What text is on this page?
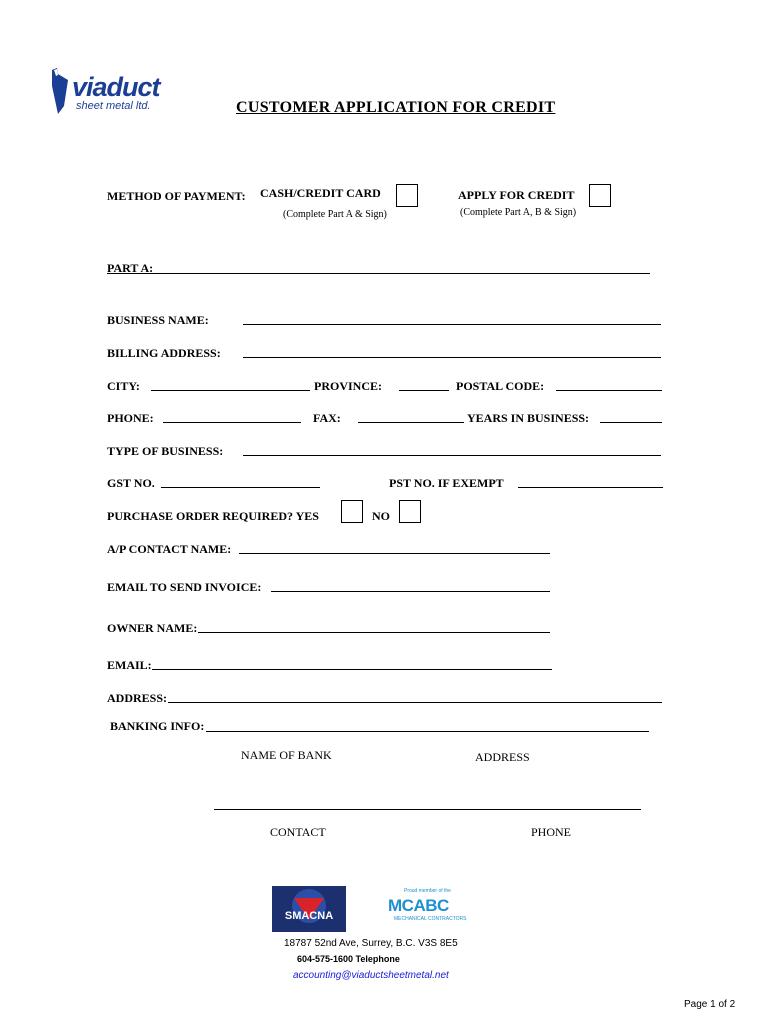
viaduct
sheet metal ltd.	CUSTOMER APPLICATION FOR CREDIT
METHOD OF PAYMENT: CASH/CREDIT CARD
(Complete Part A & Sign)
APPLY FOR CREDIT
(Complete Part A, B & Sign)
PART A:
BUSINESS NAME:
BILLING ADDRESS:
CITY:	PROVINCE:	POSTAL CODE:
PHONE:	FAX:	YEARS IN BUSINESS:
TYPE OF BUSINESS:
GST NO.	PST NO. IF EXEMPT
PURCHASE ORDER REQUIRED? YES	NO
A/P CONTACT NAME:
EMAIL TO SEND INVOICE:
OWNER NAME:
EMAIL:
ADDRESS:
BANKING INFO:
NAME OF BANK	ADDRESS
CONTACT	PHONE
SMACNA
Proud member of the
MCABC
MECHANICAL CONTRACTORS
18787 52nd Ave, Surrey, B.C. V3S 8E5
604-575-1600 Telephone
accounting@viaductsheetmetal.net
Page 1 of 2
